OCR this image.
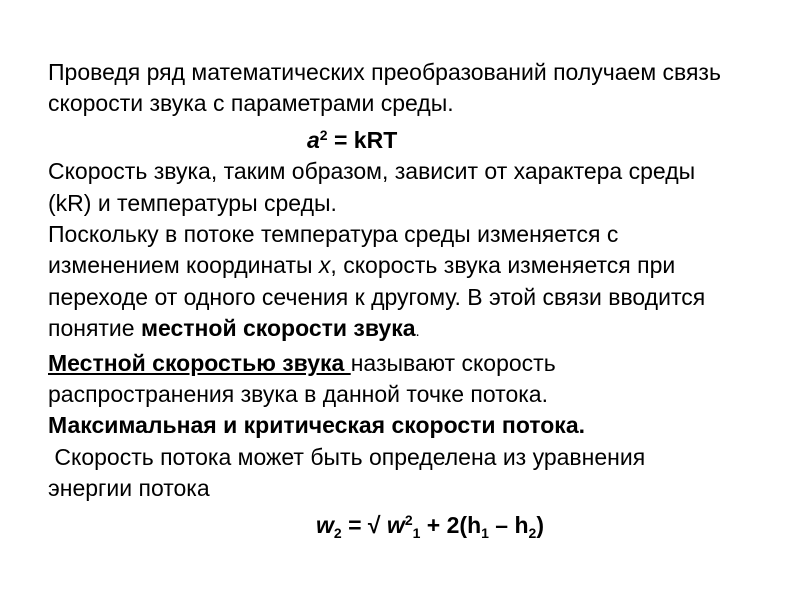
Проведя ряд математических преобразований получаем связь
скорости звука с параметрами среды.
$a^2$ = kRT
Скорость звука, таким образом, зависит от характера среды
(kR) и температуры среды.
Поскольку в потоке температура среды изменяется с
изменением координаты x, скорость звука изменяется при
переходе от одного сечения к другому. В этой связи вводится
понятие местной скорости звука.
Местной скоростью звука называют скорость
распространения звука в данной точке потока.
Максимальная и критическая скорости потока.
Скорость потока может быть определена из уравнения
энергии потока
$w_2$ = √ $w^2_1 + 2(h_1 - h_2)$
